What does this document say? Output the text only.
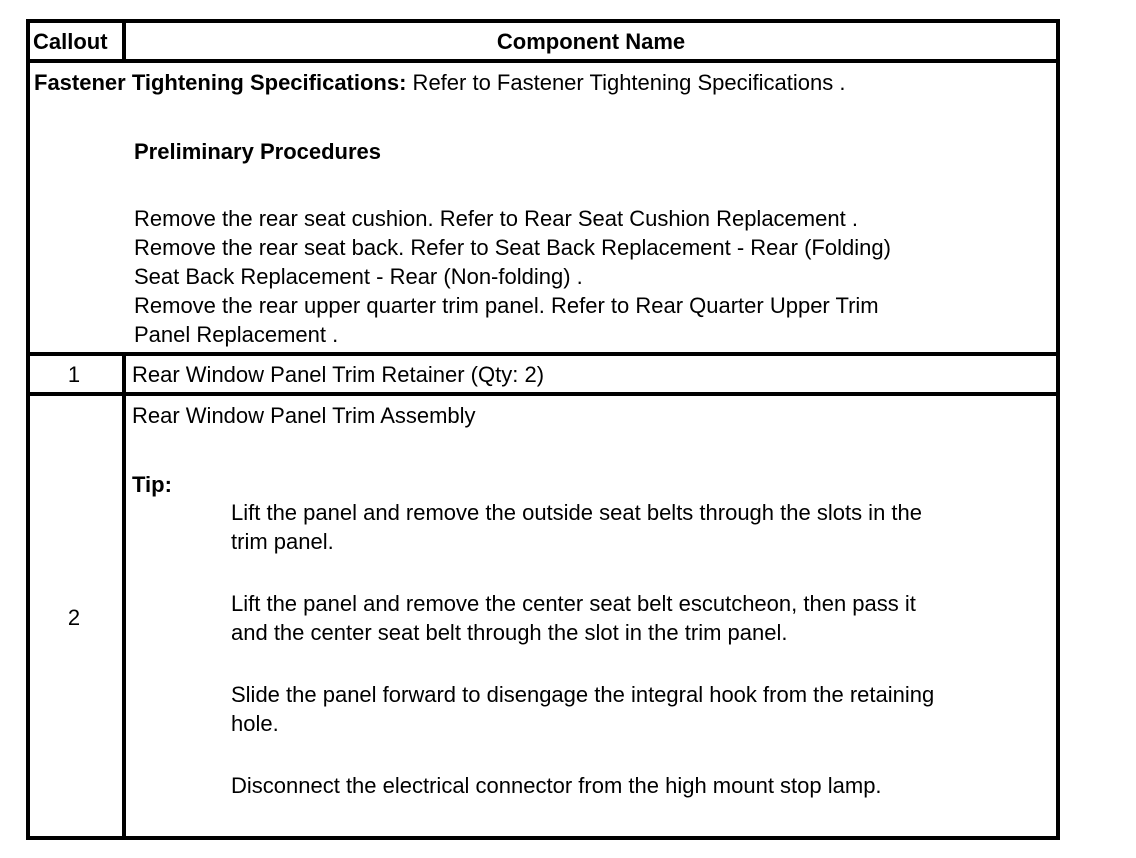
Callout	Component Name
Fastener Tightening Specifications: Refer to Fastener Tightening Specifications .
Preliminary Procedures
Remove the rear seat cushion. Refer to Rear Seat Cushion Replacement .
Remove the rear seat back. Refer to Seat Back Replacement - Rear (Folding)
Seat Back Replacement - Rear (Non-folding) .
Remove the rear upper quarter trim panel. Refer to Rear Quarter Upper Trim
Panel Replacement .
1	Rear Window Panel Trim Retainer (Qty: 2)
2
Rear Window Panel Trim Assembly
Tip:
Lift the panel and remove the outside seat belts through the slots in the
trim panel.
Lift the panel and remove the center seat belt escutcheon, then pass it
and the center seat belt through the slot in the trim panel.
Slide the panel forward to disengage the integral hook from the retaining
hole.
Disconnect the electrical connector from the high mount stop lamp.
